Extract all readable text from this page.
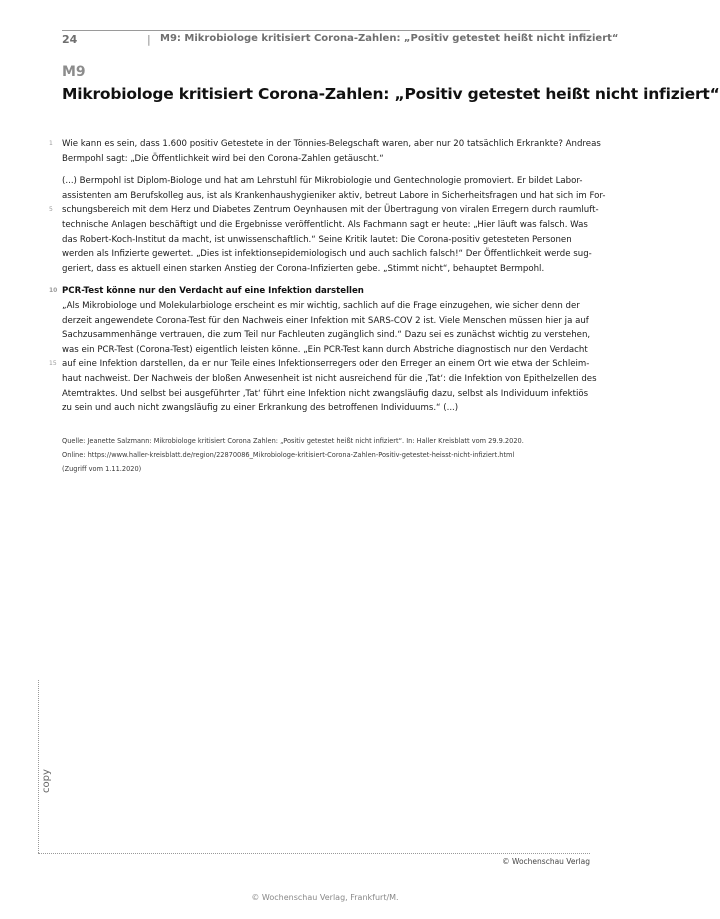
24	| M9: Mikrobiologe kritisiert Corona-Zahlen: „Positiv getestet heißt nicht infiziert“
M9
Mikrobiologe kritisiert Corona-Zahlen: „Positiv getestet heißt nicht infiziert“
1 Wie kann es sein, dass 1.600 positiv Getestete in der Tönnies-Belegschaft waren, aber nur 20 tatsächlich Erkrankte? Andreas
Bermpohl sagt: „Die Öffentlichkeit wird bei den Corona-Zahlen getäuscht.“
(...) Bermpohl ist Diplom-Biologe und hat am Lehrstuhl für Mikrobiologie und Gentechnologie promoviert. Er bildet Labor-
assistenten am Berufskolleg aus, ist als Krankenhaushygieniker aktiv, betreut Labore in Sicherheitsfragen und hat sich im For-
5 schungsbereich mit dem Herz und Diabetes Zentrum Oeynhausen mit der Übertragung von viralen Erregern durch raumluft-
technische Anlagen beschäftigt und die Ergebnisse veröffentlicht. Als Fachmann sagt er heute: „Hier läuft was falsch. Was
das Robert-Koch-Institut da macht, ist unwissenschaftlich.“ Seine Kritik lautet: Die Corona-positiv getesteten Personen
werden als Infizierte gewertet. „Dies ist infektionsepidemiologisch und auch sachlich falsch!“ Der Öffentlichkeit werde sug-
geriert, dass es aktuell einen starken Anstieg der Corona-Infizierten gebe. „Stimmt nicht“, behauptet Bermpohl.
10 PCR-Test könne nur den Verdacht auf eine Infektion darstellen
„Als Mikrobiologe und Molekularbiologe erscheint es mir wichtig, sachlich auf die Frage einzugehen, wie sicher denn der
derzeit angewendete Corona-Test für den Nachweis einer Infektion mit SARS-COV 2 ist. Viele Menschen müssen hier ja auf
Sachzusammenhänge vertrauen, die zum Teil nur Fachleuten zugänglich sind.“ Dazu sei es zunächst wichtig zu verstehen,
was ein PCR-Test (Corona-Test) eigentlich leisten könne. „Ein PCR-Test kann durch Abstriche diagnostisch nur den Verdacht
15 auf eine Infektion darstellen, da er nur Teile eines Infektionserregers oder den Erreger an einem Ort wie etwa der Schleim-
haut nachweist. Der Nachweis der bloßen Anwesenheit ist nicht ausreichend für die ‚Tat‘: die Infektion von Epithelzellen des
Atemtraktes. Und selbst bei ausgeführter ‚Tat‘ führt eine Infektion nicht zwangsläufig dazu, selbst als Individuum infektiös
zu sein und auch nicht zwangsläufig zu einer Erkrankung des betroffenen Individuums.“ (...)
Quelle: Jeanette Salzmann: Mikrobiologe kritisiert Corona Zahlen: „Positiv getestet heißt nicht infiziert“. In: Haller Kreisblatt vom 29.9.2020.
Online: https://www.haller-kreisblatt.de/region/22870086_Mikrobiologe-kritisiert-Corona-Zahlen-Positiv-getestet-heisst-nicht-infiziert.html
(Zugriff vom 1.11.2020)
copy
© Wochenschau Verlag
© Wochenschau Verlag, Frankfurt/M.
